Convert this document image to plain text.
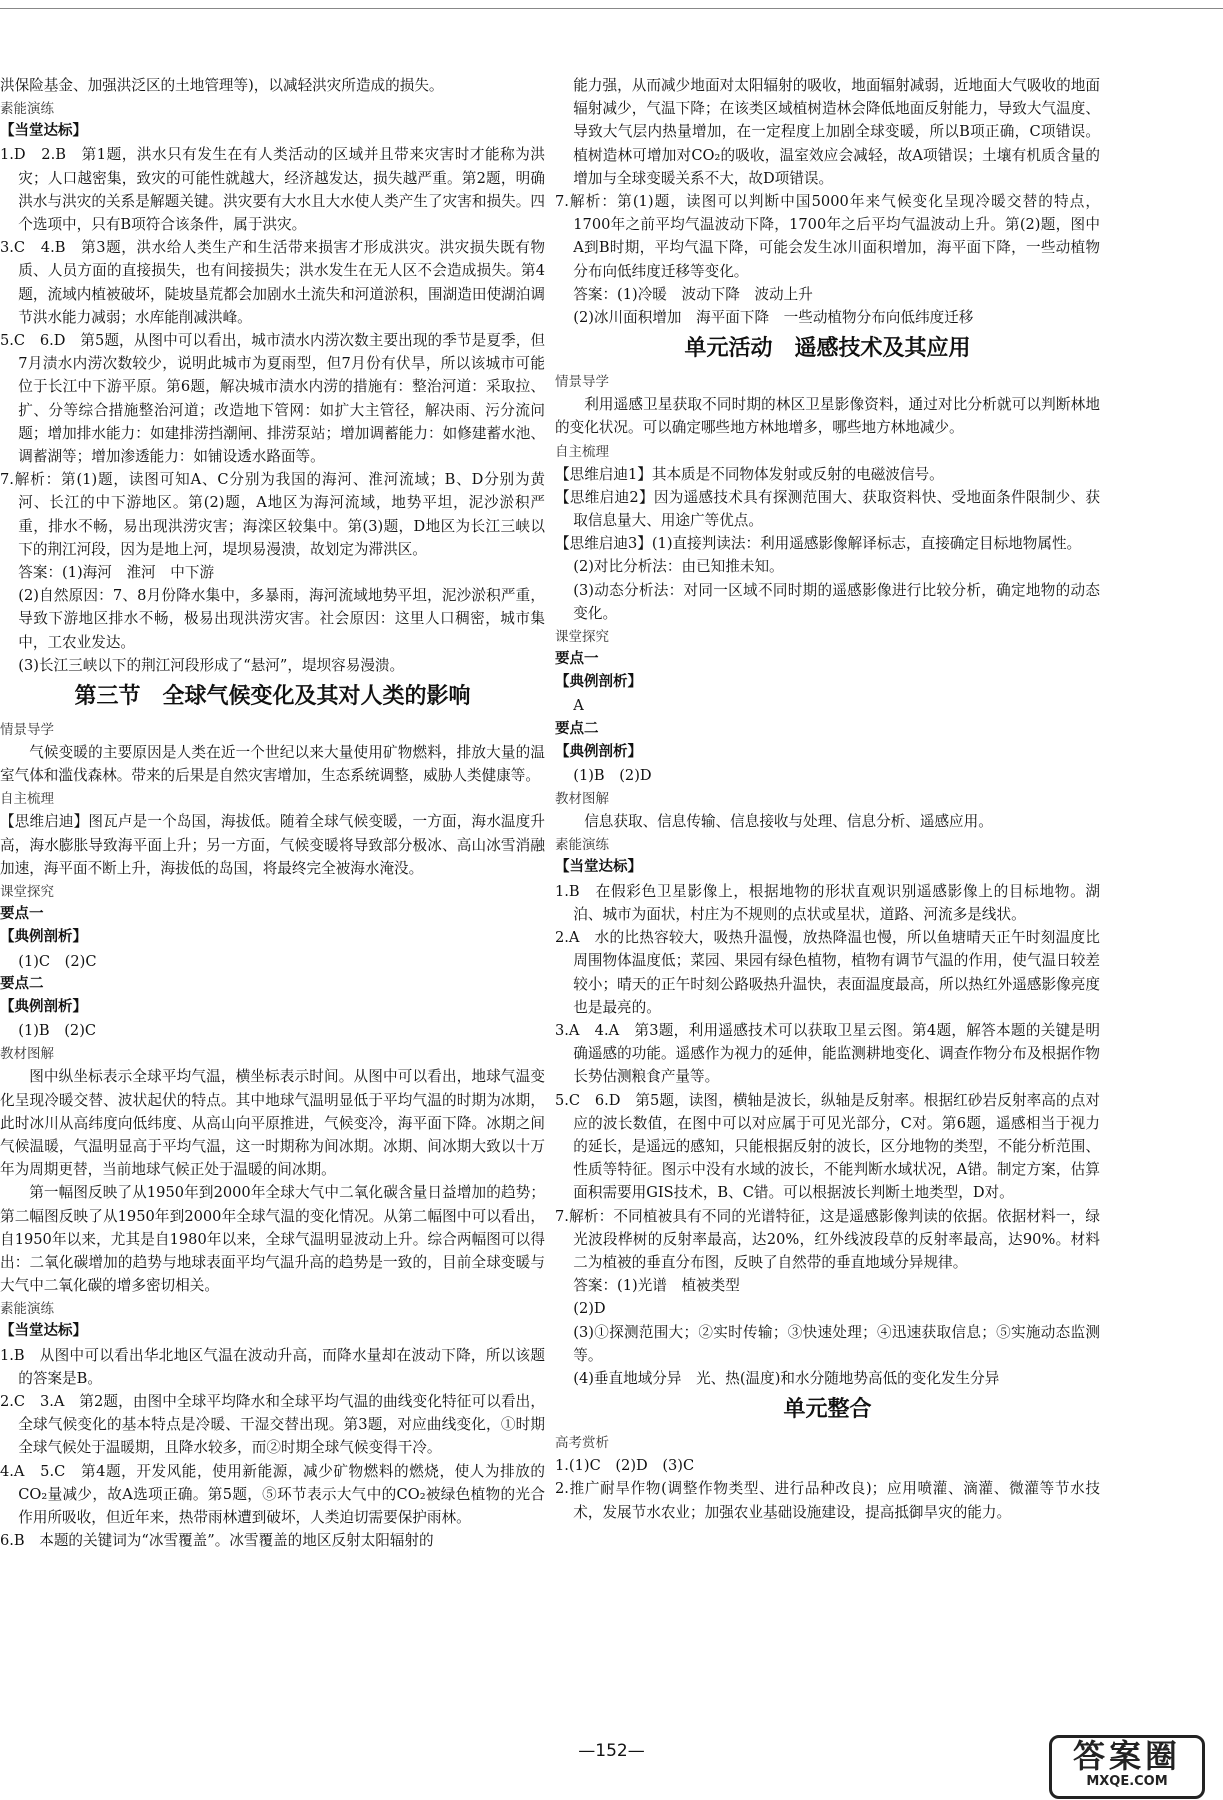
洪保险基金、加强洪泛区的土地管理等)，以减轻洪灾所造成的损失。

素能演练

【当堂达标】

1.D　2.B　第1题，洪水只有发生在有人类活动的区域并且带来灾害时才能称为洪灾；人口越密集，致灾的可能性就越大，经济越发达，损失越严重。第2题，明确洪水与洪灾的关系是解题关键。洪灾要有大水且大水使人类产生了灾害和损失。四个选项中，只有B项符合该条件，属于洪灾。

3.C　4.B　第3题，洪水给人类生产和生活带来损害才形成洪灾。洪灾损失既有物质、人员方面的直接损失，也有间接损失；洪水发生在无人区不会造成损失。第4题，流域内植被破坏，陡坡垦荒都会加剧水土流失和河道淤积，围湖造田使湖泊调节洪水能力减弱；水库能削减洪峰。

5.C　6.D　第5题，从图中可以看出，城市渍水内涝次数主要出现的季节是夏季，但7月渍水内涝次数较少，说明此城市为夏雨型，但7月份有伏旱，所以该城市可能位于长江中下游平原。第6题，解决城市渍水内涝的措施有：整治河道：采取拉、扩、分等综合措施整治河道；改造地下管网：如扩大主管径，解决雨、污分流问题；增加排水能力：如建排涝挡潮闸、排涝泵站；增加调蓄能力：如修建蓄水池、调蓄湖等；增加渗透能力：如铺设透水路面等。

7.解析：第(1)题，读图可知A、C分别为我国的海河、淮河流域；B、D分别为黄河、长江的中下游地区。第(2)题，A地区为海河流域，地势平坦，泥沙淤积严重，排水不畅，易出现洪涝灾害；海滦区较集中。第(3)题，D地区为长江三峡以下的荆江河段，因为是地上河，堤坝易漫溃，故划定为滞洪区。

答案：(1)海河　淮河　中下游

(2)自然原因：7、8月份降水集中，多暴雨，海河流域地势平坦，泥沙淤积严重，导致下游地区排水不畅，极易出现洪涝灾害。社会原因：这里人口稠密，城市集中，工农业发达。

(3)长江三峡以下的荆江河段形成了“悬河”，堤坝容易漫溃。

第三节　全球气候变化及其对人类的影响

情景导学

气候变暖的主要原因是人类在近一个世纪以来大量使用矿物燃料，排放大量的温室气体和滥伐森林。带来的后果是自然灾害增加，生态系统调整，威胁人类健康等。

自主梳理

【思维启迪】图瓦卢是一个岛国，海拔低。随着全球气候变暖，一方面，海水温度升高，海水膨胀导致海平面上升；另一方面，气候变暖将导致部分极冰、高山冰雪消融加速，海平面不断上升，海拔低的岛国，将最终完全被海水淹没。

课堂探究

要点一

【典例剖析】

(1)C　(2)C

要点二

【典例剖析】

(1)B　(2)C

教材图解

图中纵坐标表示全球平均气温，横坐标表示时间。从图中可以看出，地球气温变化呈现冷暖交替、波状起伏的特点。其中地球气温明显低于平均气温的时期为冰期，此时冰川从高纬度向低纬度、从高山向平原推进，气候变冷，海平面下降。冰期之间气候温暖，气温明显高于平均气温，这一时期称为间冰期。冰期、间冰期大致以十万年为周期更替，当前地球气候正处于温暖的间冰期。

第一幅图反映了从1950年到2000年全球大气中二氧化碳含量日益增加的趋势；第二幅图反映了从1950年到2000年全球气温的变化情况。从第二幅图中可以看出，自1950年以来，尤其是自1980年以来，全球气温明显波动上升。综合两幅图可以得出：二氧化碳增加的趋势与地球表面平均气温升高的趋势是一致的，目前全球变暖与大气中二氧化碳的增多密切相关。

素能演练

【当堂达标】

1.B　从图中可以看出华北地区气温在波动升高，而降水量却在波动下降，所以该题的答案是B。

2.C　3.A　第2题，由图中全球平均降水和全球平均气温的曲线变化特征可以看出，全球气候变化的基本特点是冷暖、干湿交替出现。第3题，对应曲线变化，①时期全球气候处于温暖期，且降水较多，而②时期全球气候变得干冷。

4.A　5.C　第4题，开发风能，使用新能源，减少矿物燃料的燃烧，使人为排放的CO₂量减少，故A选项正确。第5题，⑤环节表示大气中的CO₂被绿色植物的光合作用所吸收，但近年来，热带雨林遭到破坏，人类迫切需要保护雨林。

6.B　本题的关键词为“冰雪覆盖”。冰雪覆盖的地区反射太阳辐射的

能力强，从而减少地面对太阳辐射的吸收，地面辐射减弱，近地面大气吸收的地面辐射减少，气温下降；在该类区域植树造林会降低地面反射能力，导致大气温度、导致大气层内热量增加，在一定程度上加剧全球变暖，所以B项正确，C项错误。植树造林可增加对CO₂的吸收，温室效应会减轻，故A项错误；土壤有机质含量的增加与全球变暖关系不大，故D项错误。

7.解析：第(1)题，读图可以判断中国5000年来气候变化呈现冷暖交替的特点，1700年之前平均气温波动下降，1700年之后平均气温波动上升。第(2)题，图中A到B时期，平均气温下降，可能会发生冰川面积增加，海平面下降，一些动植物分布向低纬度迁移等变化。

答案：(1)冷暖　波动下降　波动上升

(2)冰川面积增加　海平面下降　一些动植物分布向低纬度迁移

单元活动　遥感技术及其应用

情景导学

利用遥感卫星获取不同时期的林区卫星影像资料，通过对比分析就可以判断林地的变化状况。可以确定哪些地方林地增多，哪些地方林地减少。

自主梳理

【思维启迪1】其本质是不同物体发射或反射的电磁波信号。

【思维启迪2】因为遥感技术具有探测范围大、获取资料快、受地面条件限制少、获取信息量大、用途广等优点。

【思维启迪3】(1)直接判读法：利用遥感影像解译标志，直接确定目标地物属性。

(2)对比分析法：由已知推未知。

(3)动态分析法：对同一区域不同时期的遥感影像进行比较分析，确定地物的动态变化。

课堂探究

要点一

【典例剖析】

A

要点二

【典例剖析】

(1)B　(2)D

教材图解

信息获取、信息传输、信息接收与处理、信息分析、遥感应用。

素能演练

【当堂达标】

1.B　在假彩色卫星影像上，根据地物的形状直观识别遥感影像上的目标地物。湖泊、城市为面状，村庄为不规则的点状或星状，道路、河流多是线状。

2.A　水的比热容较大，吸热升温慢，放热降温也慢，所以鱼塘晴天正午时刻温度比周围物体温度低；菜园、果园有绿色植物，植物有调节气温的作用，使气温日较差较小；晴天的正午时刻公路吸热升温快，表面温度最高，所以热红外遥感影像亮度也是最亮的。

3.A　4.A　第3题，利用遥感技术可以获取卫星云图。第4题，解答本题的关键是明确遥感的功能。遥感作为视力的延伸，能监测耕地变化、调查作物分布及根据作物长势估测粮食产量等。

5.C　6.D　第5题，读图，横轴是波长，纵轴是反射率。根据红砂岩反射率高的点对应的波长数值，在图中可以对应属于可见光部分，C对。第6题，遥感相当于视力的延长，是遥远的感知，只能根据反射的波长，区分地物的类型，不能分析范围、性质等特征。图示中没有水域的波长，不能判断水域状况，A错。制定方案，估算面积需要用GIS技术，B、C错。可以根据波长判断土地类型，D对。

7.解析：不同植被具有不同的光谱特征，这是遥感影像判读的依据。依据材料一，绿光波段桦树的反射率最高，达20%，红外线波段草的反射率最高，达90%。材料二为植被的垂直分布图，反映了自然带的垂直地域分异规律。

答案：(1)光谱　植被类型

(2)D

(3)①探测范围大；②实时传输；③快速处理；④迅速获取信息；⑤实施动态监测等。

(4)垂直地域分异　光、热(温度)和水分随地势高低的变化发生分异

单元整合

高考赏析

1.(1)C　(2)D　(3)C

2.推广耐旱作物(调整作物类型、进行品种改良)；应用喷灌、滴灌、微灌等节水技术，发展节水农业；加强农业基础设施建设，提高抵御旱灾的能力。

—152—	答案圈
MXQE.COM
